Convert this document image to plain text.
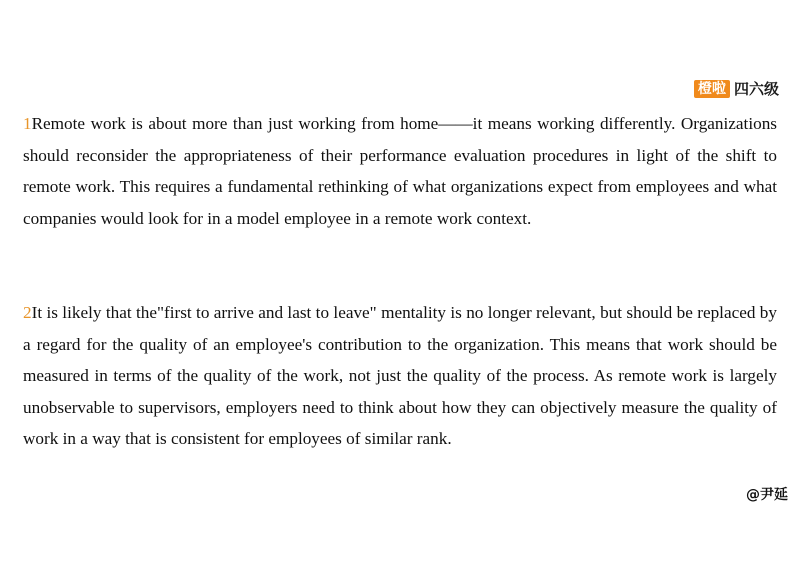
橙啦 四六级

1Remote work is about more than just working from home——it means working differently. Organizations should reconsider the appropriateness of their performance evaluation procedures in light of the shift to remote work. This requires a fundamental rethinking of what organizations expect from employees and what companies would look for in a model employee in a remote work context.

2It is likely that the"first to arrive and last to leave" mentality is no longer relevant, but should be replaced by a regard for the quality of an employee's contribution to the organization. This means that work should be measured in terms of the quality of the work, not just the quality of the process. As remote work is largely unobservable to supervisors, employers need to think about how they can objectively measure the quality of work in a way that is consistent for employees of similar rank.

@尹延
